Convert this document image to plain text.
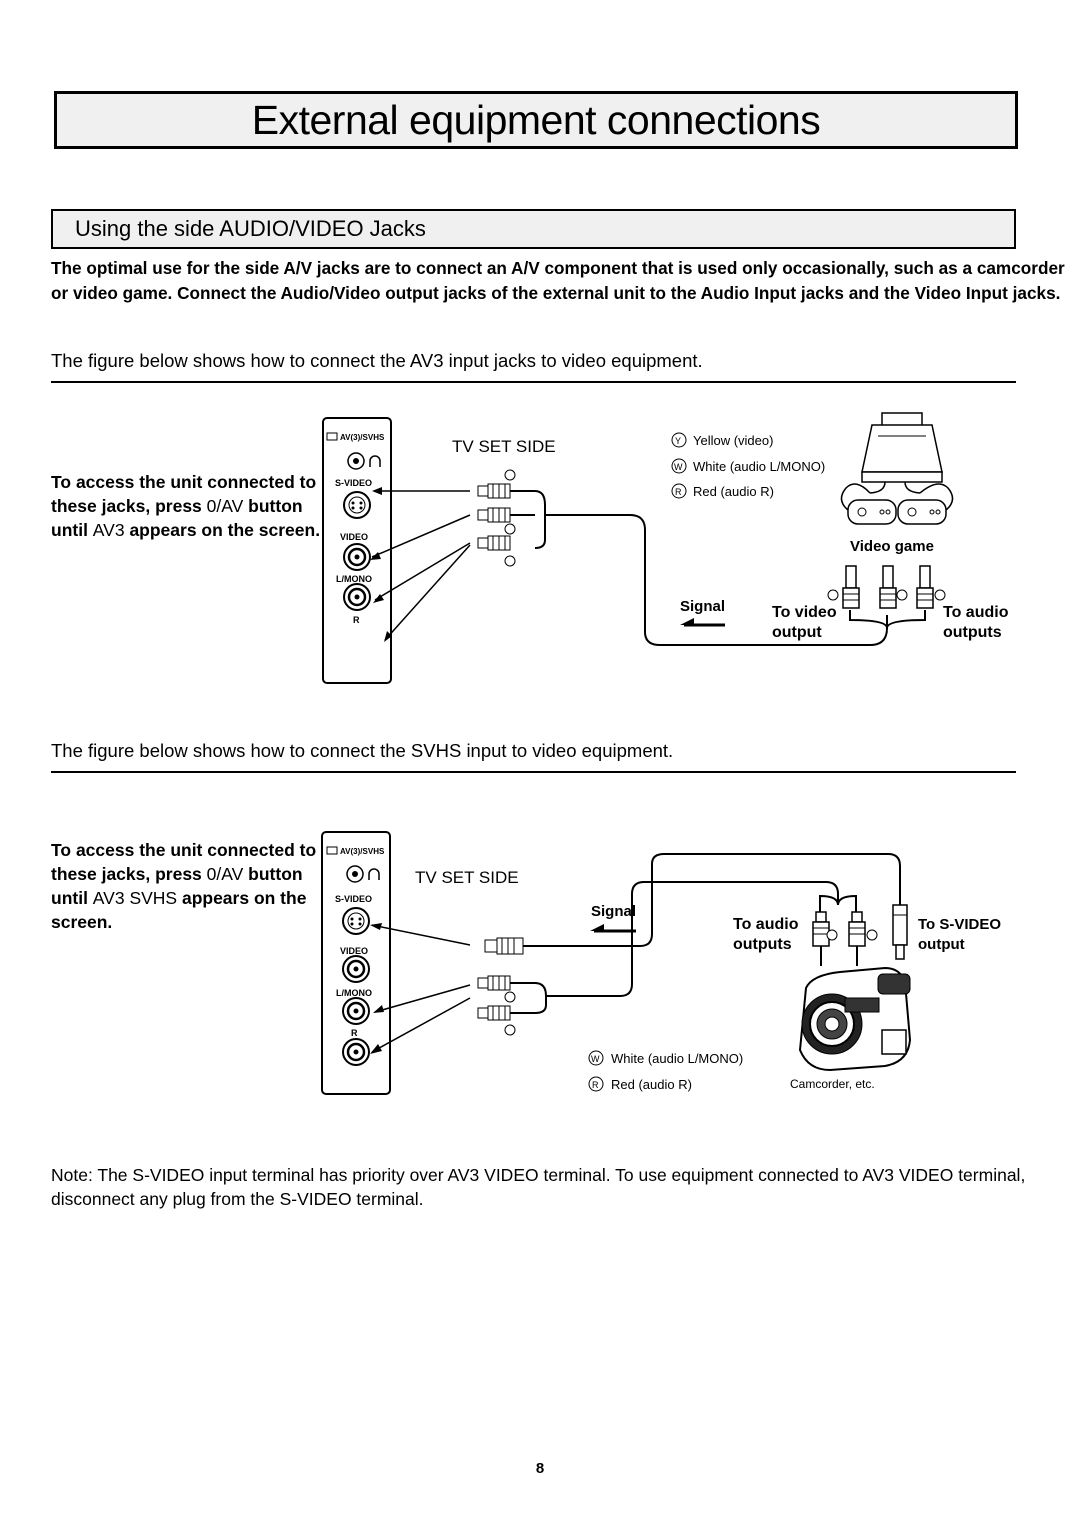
External equipment connections
Using the side AUDIO/VIDEO Jacks
The optimal use for the side A/V jacks are to connect an A/V component that is used only occasionally, such as a camcorder or video game. Connect the Audio/Video output jacks of the external unit to the Audio Input jacks and the Video Input jacks.
The figure below shows how to connect the AV3 input jacks to video equipment.
To access the unit connected to these jacks, press 0/AV button until AV3 appears on the screen.
AV(3)/SVHS
S-VIDEO
VIDEO
L/MONO
R
TV SET SIDE	Y Yellow (video)
W White (audio L/MONO)
R Red (audio R)
Video game
Signal	To video
output
To audio
outputs
The figure below shows how to connect the SVHS input to video equipment.
To access the unit connected to these jacks, press 0/AV button until AV3 SVHS appears on the screen.
AV(3)/SVHS
S-VIDEO
VIDEO
L/MONO
R
TV SET SIDE
Signal
To audio
outputs
To S-VIDEO
output
W White (audio L/MONO)
R Red (audio R)	Camcorder, etc.
Note: The S-VIDEO input terminal has priority over AV3 VIDEO terminal. To use equipment connected to AV3 VIDEO terminal, disconnect any plug from the S-VIDEO terminal.
8
